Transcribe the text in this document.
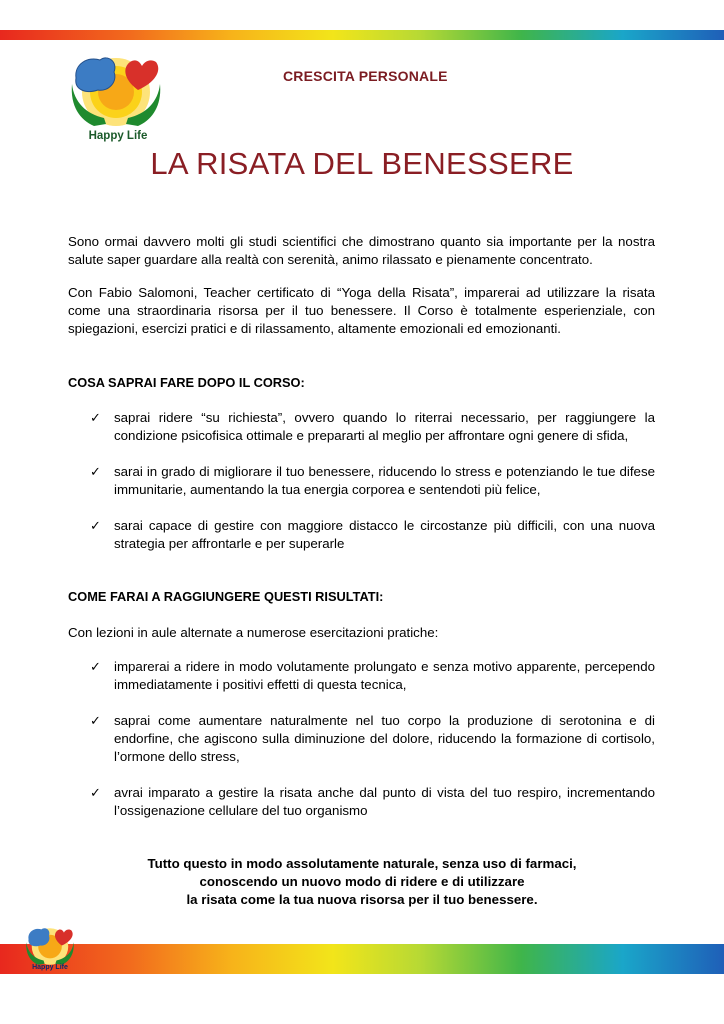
Happy Life
CRESCITA PERSONALE
LA RISATA DEL BENESSERE

Sono ormai davvero molti gli studi scientifici che dimostrano quanto sia importante per la nostra salute saper guardare alla realtà con serenità, animo rilassato e pienamente concentrato.

Con Fabio Salomoni, Teacher certificato di “Yoga della Risata”, imparerai ad utilizzare la risata come una straordinaria risorsa per il tuo benessere. Il Corso è totalmente esperienziale, con spiegazioni, esercizi pratici e di rilassamento, altamente emozionali ed emozionanti.

COSA SAPRAI FARE DOPO IL CORSO:
✓ saprai ridere “su richiesta”, ovvero quando lo riterrai necessario, per raggiungere la condizione psicofisica ottimale e prepararti al meglio per affrontare ogni genere di sfida,
✓ sarai in grado di migliorare il tuo benessere, riducendo lo stress e potenziando le tue difese immunitarie, aumentando la tua energia corporea e sentendoti più felice,
✓ sarai capace di gestire con maggiore distacco le circostanze più difficili, con una nuova strategia per affrontarle e per superarle
COME FARAI A RAGGIUNGERE QUESTI RISULTATI:

Con lezioni in aule alternate a numerose esercitazioni pratiche:

✓ imparerai a ridere in modo volutamente prolungato e senza motivo apparente, percependo immediatamente i positivi effetti di questa tecnica,
✓ saprai come aumentare naturalmente nel tuo corpo la produzione di serotonina e di endorfine, che agiscono sulla diminuzione del dolore, riducendo la formazione di cortisolo, l’ormone dello stress,
✓ avrai imparato a gestire la risata anche dal punto di vista del tuo respiro, incrementando l’ossigenazione cellulare del tuo organismo
Tutto questo in modo assolutamente naturale, senza uso di farmaci,
conoscendo un nuovo modo di ridere e di utilizzare
la risata come la tua nuova risorsa per il tuo benessere.
Happy Life
